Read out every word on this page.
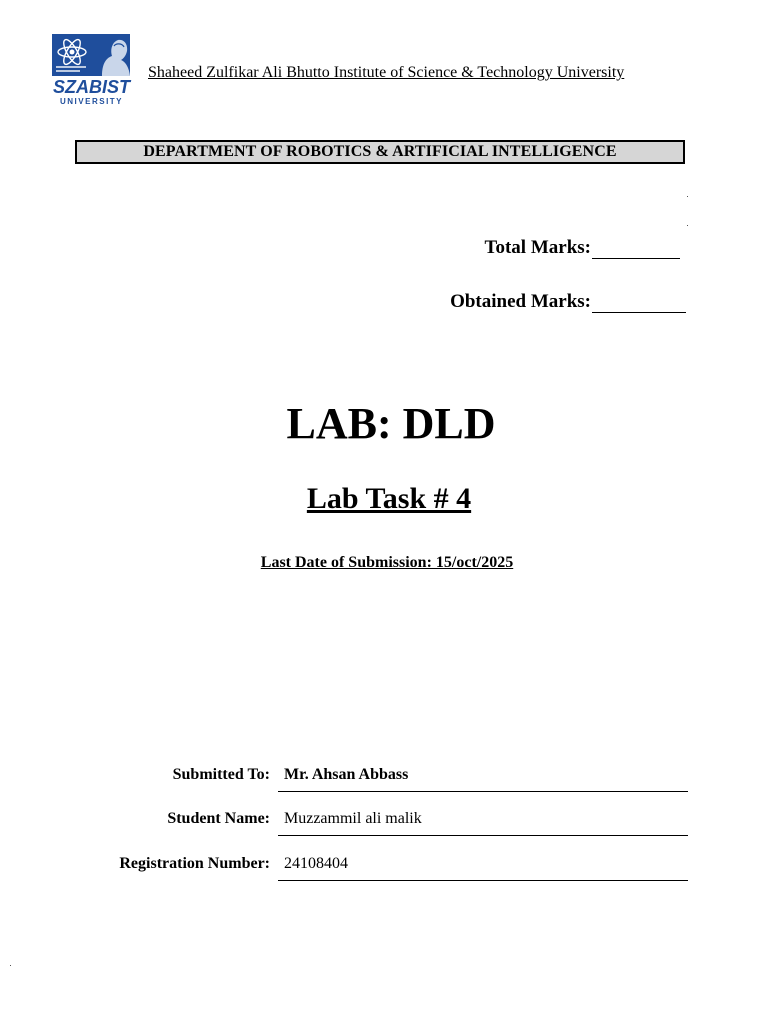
SZABIST
UNIVERSITY
Shaheed Zulfikar Ali Bhutto Institute of Science & Technology University
DEPARTMENT OF ROBOTICS & ARTIFICIAL INTELLIGENCE
Total Marks:
Obtained Marks:
LAB: DLD
Lab Task # 4
Last Date of Submission: 15/oct/2025
Submitted To: Mr. Ahsan Abbass
Student Name: Muzzammil ali malik
Registration Number: 24108404
